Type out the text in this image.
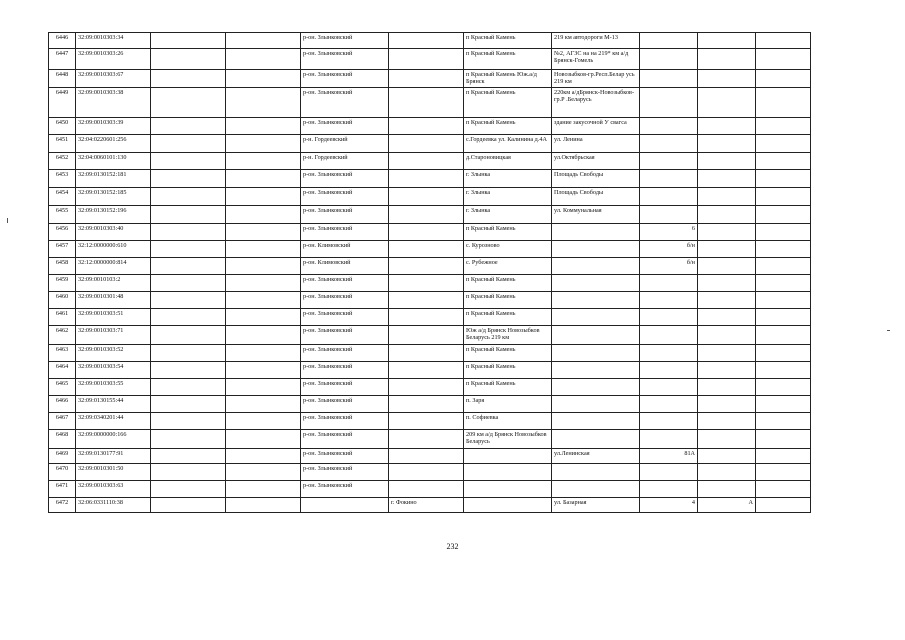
6446	32:09:0010303:34			р-он. Злынковский		п Красный Камень	219 км автодороги М-13			
6447	32:09:0010303:26			р-он. Злынковский		п Красный Камень	№2, АГЗС на на 219* км а/д Брянск-Гомель			
6448	32:09:0010303:67			р-он. Злынковский		п Красный Камень Юж.а/д Брянск	Новозыбков-гр.Респ.Белар усь 219 км			
6449	32:09:0010303:38			р-он. Злынковский		п Красный Камень	220км а/дБрянск-Новозыбков-гр.Р .Беларусь			
6450	32:09:0010303:39			р-он. Злынковский		п Красный Камень	здание закусочной У свагса			
6451	32:04:0220601:256			р-н. Гордеевский		с.Гордеевка ул. Калинина д.4А	ул. Ленина			
6452	32:04:0060101:130			р-н. Гордеевский		д.Староновицкая	ул.Октябрьская			
6453	32:09:0130152:181			р-он. Злынковский		г. Злынка	Площадь Свободы			
6454	32:09:0130152:185			р-он. Злынковский		г. Злынка	Площадь Свободы			
6455	32:09:0130152:196			р-он. Злынковский		г. Злынка	ул. Коммунальная			
6456	32:09:0010303:40			р-он. Злынковский		п Красный Камень		6		
6457	32:12:0000000:610			р-он. Климовский		с. Курозново		б/н		
6458	32:12:0000000:814			р-он. Климовский		с. Рубежное		б/н		
6459	32:09:0010103:2			р-он. Злынковский		п Красный Камень				
6460	32:09:0010301:48			р-он. Злынковский		п Красный Камень				
6461	32:09:0010303:51			р-он. Злынковский		п Красный Камень				
6462	32:09:0010303:71			р-он. Злынковский		Юж а/д Брянск Новозыбков Беларусь 219 км				
6463	32:09:0010303:52			р-он. Злынковский		п Красный Камень				
6464	32:09:0010303:54			р-он. Злынковский		п Красный Камень				
6465	32:09:0010303:55			р-он. Злынковский		п Красный Камень				
6466	32:09:0130155:44			р-он. Злынковский		п. Заря				
6467	32:09:0340201:44			р-он. Злынковский		п. Софиевка				
6468	32:09:0000000:166			р-он. Злынковский		209 км а/д Брянск Новозыбков Беларусь				
6469	32:09:0130177:91			р-он. Злынковский			ул.Ленинская	81А		
6470	32:09:0010301:50			р-он. Злынковский						
6471	32:09:0010303:63			р-он. Злынковский						
6472	32:06:0331110:38				г. Фокино		ул. Базарная	4	А	
232
